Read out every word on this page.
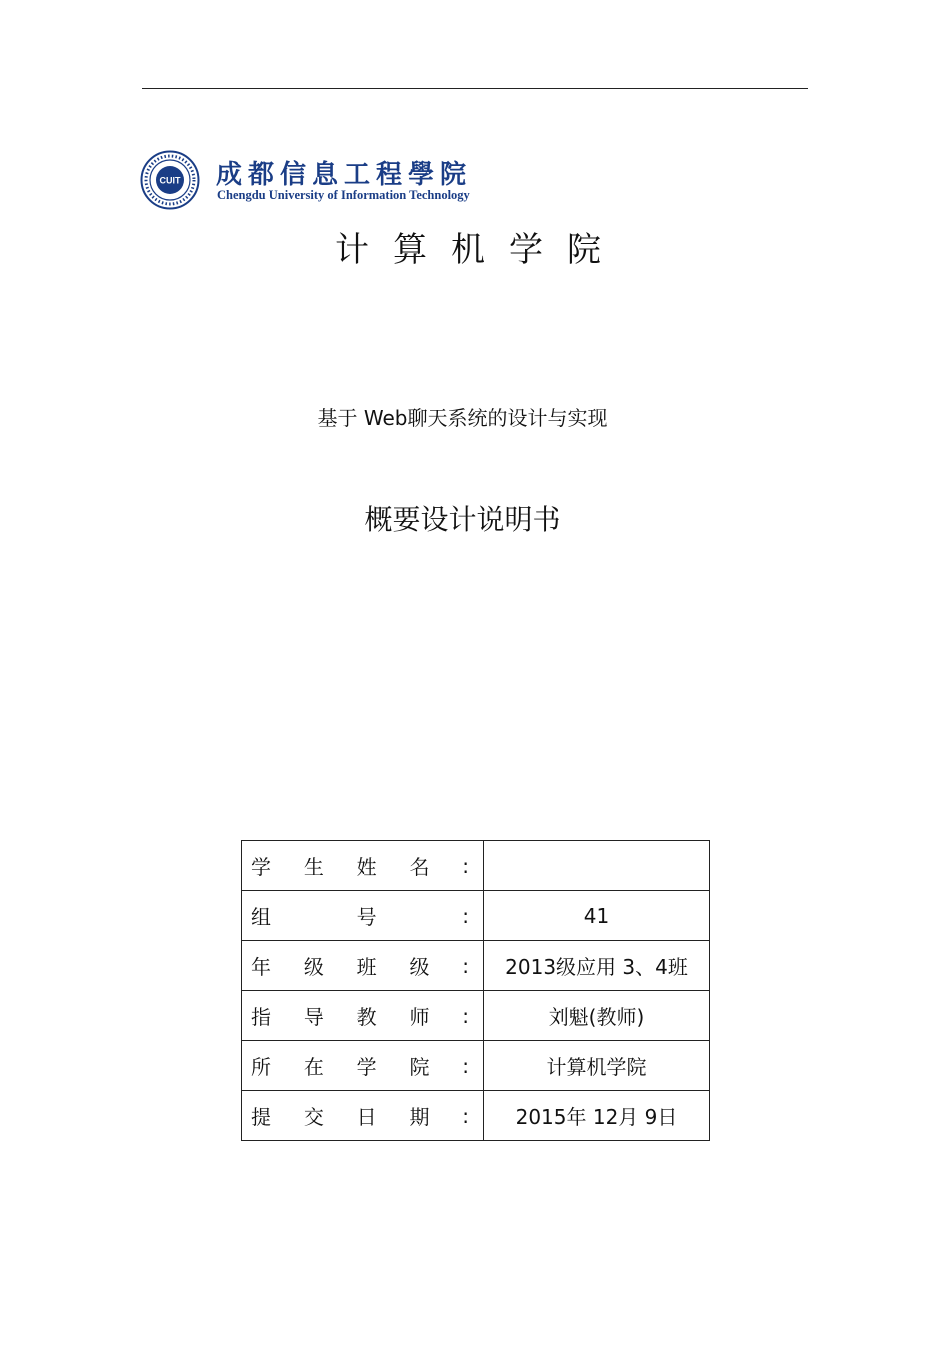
CUIT 成都信息工程學院
Chengdu University of Information Technology
计算机学院
基于 Web聊天系统的设计与实现
概要设计说明书
学 生 姓 名 :	

组 号 :	41

年 级 班 级 :	2013级应用 3、4班

指 导 教 师 :	刘魁(教师)

所 在 学 院 :	计算机学院

提 交 日 期 :	2015年 12月 9日
